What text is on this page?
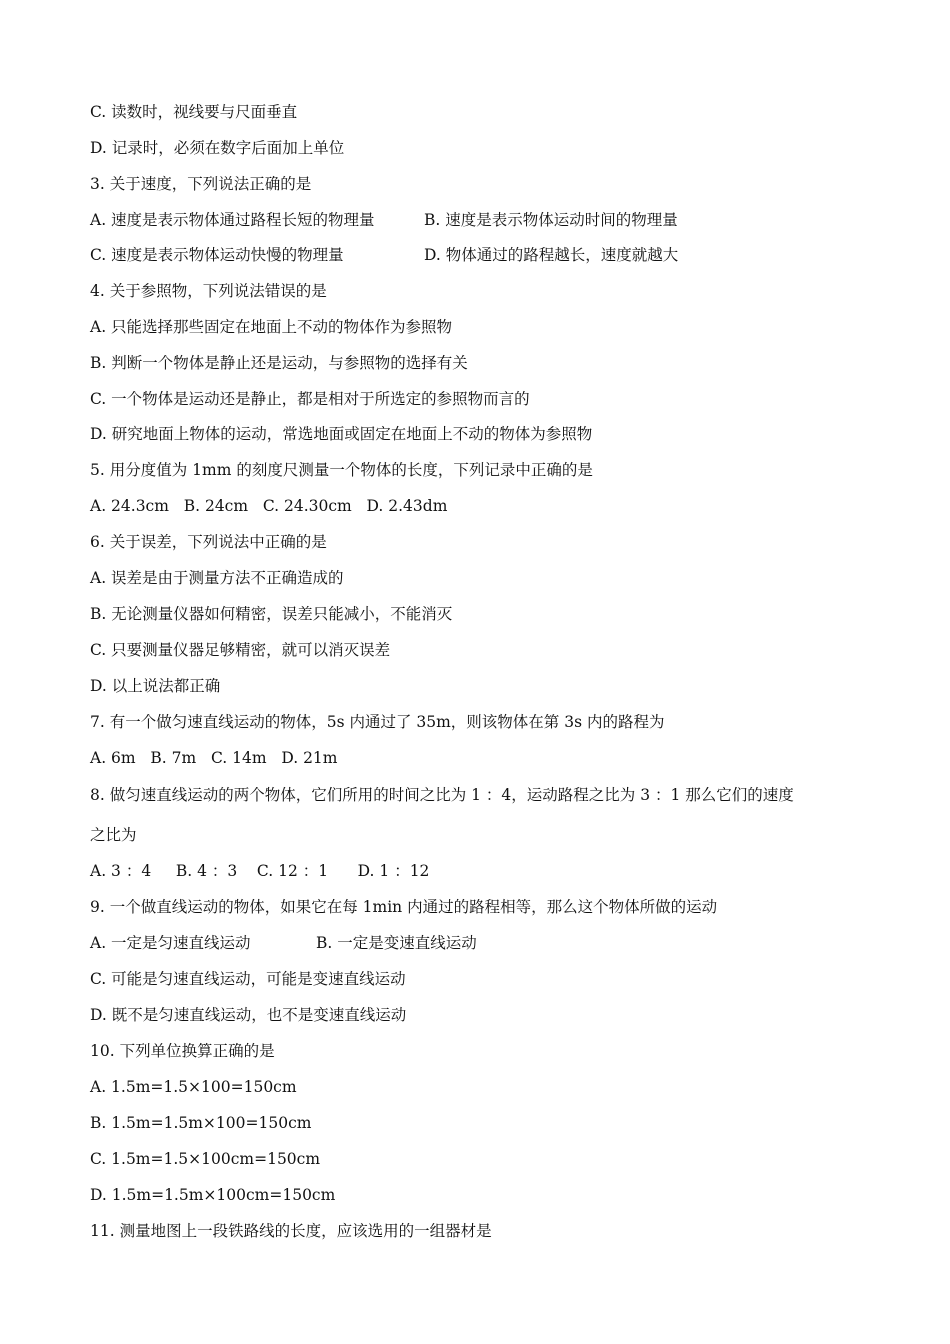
C. 读数时，视线要与尺面垂直
D. 记录时，必须在数字后面加上单位
3. 关于速度，下列说法正确的是
A. 速度是表示物体通过路程长短的物理量	B. 速度是表示物体运动时间的物理量
C. 速度是表示物体运动快慢的物理量	D. 物体通过的路程越长，速度就越大
4. 关于参照物，下列说法错误的是
A. 只能选择那些固定在地面上不动的物体作为参照物
B. 判断一个物体是静止还是运动，与参照物的选择有关
C. 一个物体是运动还是静止，都是相对于所选定的参照物而言的
D. 研究地面上物体的运动，常选地面或固定在地面上不动的物体为参照物
5. 用分度值为 1mm 的刻度尺测量一个物体的长度，下列记录中正确的是
A. 24.3cm   B. 24cm   C. 24.30cm   D. 2.43dm
6. 关于误差，下列说法中正确的是
A. 误差是由于测量方法不正确造成的
B. 无论测量仪器如何精密，误差只能减小，不能消灭
C. 只要测量仪器足够精密，就可以消灭误差
D. 以上说法都正确
7. 有一个做匀速直线运动的物体，5s 内通过了 35m，则该物体在第 3s 内的路程为
A. 6m   B. 7m   C. 14m   D. 21m
8. 做匀速直线运动的两个物体，它们所用的时间之比为 1 ：4，运动路程之比为 3 ：1 那么它们的速度
之比为
A. 3 ：4     B. 4 ：3    C. 12 ：1      D. 1 ：12
9. 一个做直线运动的物体，如果它在每 1min 内通过的路程相等，那么这个物体所做的运动
A. 一定是匀速直线运动	B. 一定是变速直线运动
C. 可能是匀速直线运动，可能是变速直线运动
D. 既不是匀速直线运动，也不是变速直线运动
10. 下列单位换算正确的是
A. 1.5m=1.5×100=150cm
B. 1.5m=1.5m×100=150cm
C. 1.5m=1.5×100cm=150cm
D. 1.5m=1.5m×100cm=150cm
11. 测量地图上一段铁路线的长度，应该选用的一组器材是
